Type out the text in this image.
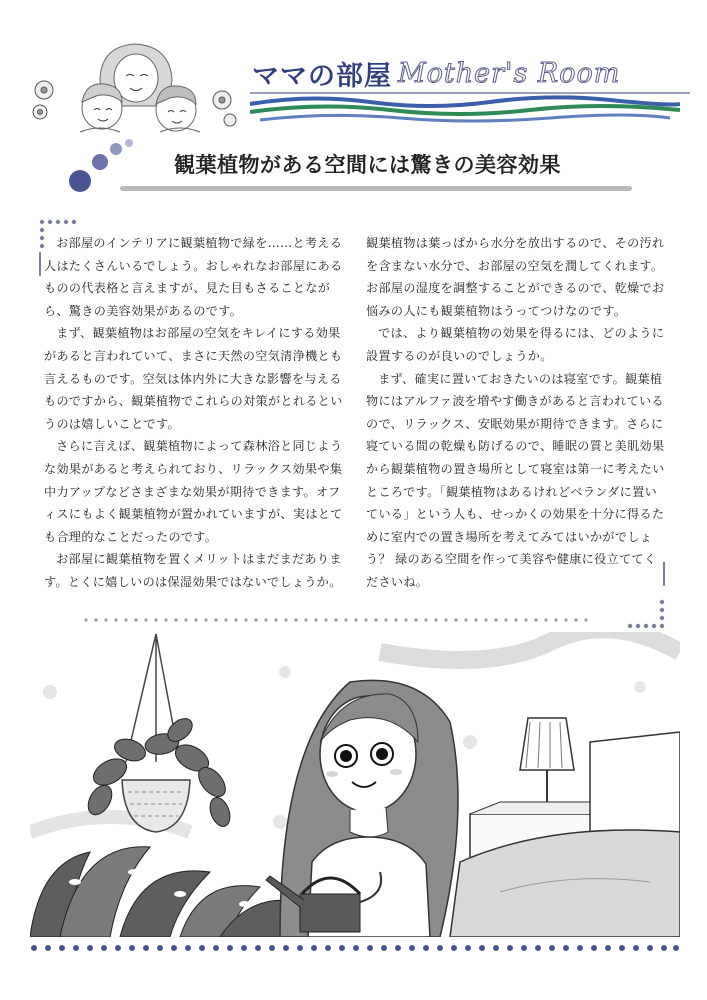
ママの部屋 Mother's Room
観葉植物がある空間には驚きの美容効果

お部屋のインテリアに観葉植物で緑を……と考える人はたくさんいるでしょう。おしゃれなお部屋にあるものの代表格と言えますが、見た目もさることながら、驚きの美容効果があるのです。

まず、観葉植物はお部屋の空気をキレイにする効果があると言われていて、まさに天然の空気清浄機とも言えるものです。空気は体内外に大きな影響を与えるものですから、観葉植物でこれらの対策がとれるというのは嬉しいことです。

さらに言えば、観葉植物によって森林浴と同じような効果があると考えられており、リラックス効果や集中力アップなどさまざまな効果が期待できます。オフィスにもよく観葉植物が置かれていますが、実はとても合理的なことだったのです。

お部屋に観葉植物を置くメリットはまだまだあります。とくに嬉しいのは保湿効果ではないでしょうか。

観葉植物は葉っぱから水分を放出するので、その汚れを含まない水分で、お部屋の空気を潤してくれます。お部屋の湿度を調整することができるので、乾燥でお悩みの人にも観葉植物はうってつけなのです。

では、より観葉植物の効果を得るには、どのように設置するのが良いのでしょうか。

まず、確実に置いておきたいのは寝室です。観葉植物にはアルファ波を増やす働きがあると言われているので、リラックス、安眠効果が期待できます。さらに寝ている間の乾燥も防げるので、睡眠の質と美肌効果から観葉植物の置き場所として寝室は第一に考えたいところです。「観葉植物はあるけれどベランダに置いている」という人も、せっかくの効果を十分に得るために室内での置き場所を考えてみてはいかがでしょう？ 緑のある空間を作って美容や健康に役立ててくださいね。
